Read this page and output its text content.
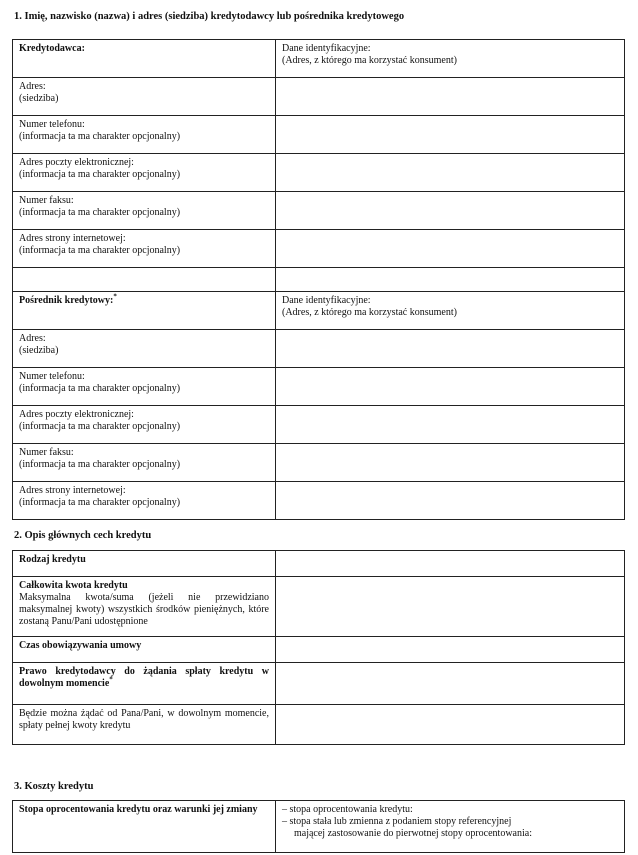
1. Imię, nazwisko (nazwa) i adres (siedziba) kredytodawcy lub pośrednika kredytowego
Kredytodawca:	Dane identyfikacyjne:
(Adres, z którego ma korzystać konsument)

Adres:
(siedziba)	

Numer telefonu:
(informacja ta ma charakter opcjonalny)	

Adres poczty elektronicznej:
(informacja ta ma charakter opcjonalny)	

Numer faksu:
(informacja ta ma charakter opcjonalny)	

Adres strony internetowej:
(informacja ta ma charakter opcjonalny)	

Pośrednik kredytowy:*	Dane identyfikacyjne:
(Adres, z którego ma korzystać konsument)

Adres:
(siedziba)	

Numer telefonu:
(informacja ta ma charakter opcjonalny)	

Adres poczty elektronicznej:
(informacja ta ma charakter opcjonalny)	

Numer faksu:
(informacja ta ma charakter opcjonalny)	

Adres strony internetowej:
(informacja ta ma charakter opcjonalny)	

2. Opis głównych cech kredytu
Rodzaj kredytu	

Całkowita kwota kredytu
Maksymalna kwota/suma (jeżeli nie przewidziano maksymalnej kwoty) wszystkich środków pieniężnych, które zostaną Panu/Pani udostępnione	

Czas obowiązywania umowy	
Prawo kredytodawcy do żądania spłaty kredytu w dowolnym momencie*	
Będzie można żądać od Pana/Pani, w dowolnym momencie, spłaty pełnej kwoty kredytu	
3. Koszty kredytu
Stopa oprocentowania kredytu oraz warunki jej zmiany	– stopa oprocentowania kredytu:
– stopa stała lub zmienna z podaniem stopy referencyjnej
mającej zastosowanie do pierwotnej stopy oprocentowania:
